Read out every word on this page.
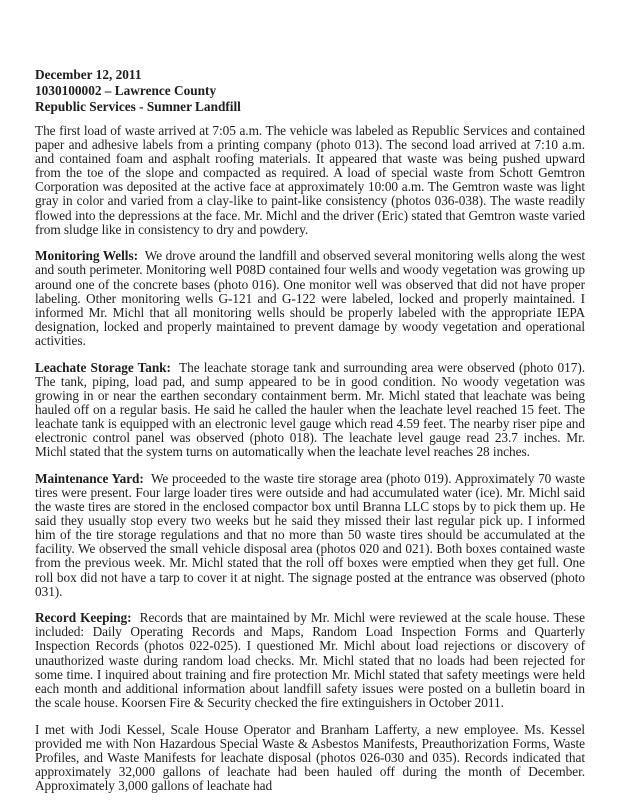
December 12, 2011

1030100002 – Lawrence County

Republic Services - Sumner Landfill

The first load of waste arrived at 7:05 a.m. The vehicle was labeled as Republic Services and contained paper and adhesive labels from a printing company (photo 013). The second load arrived at 7:10 a.m. and contained foam and asphalt roofing materials. It appeared that waste was being pushed upward from the toe of the slope and compacted as required. A load of special waste from Schott Gemtron Corporation was deposited at the active face at approximately 10:00 a.m. The Gemtron waste was light gray in color and varied from a clay-like to paint-like consistency (photos 036-038). The waste readily flowed into the depressions at the face. Mr. Michl and the driver (Eric) stated that Gemtron waste varied from sludge like in consistency to dry and powdery.

Monitoring Wells: We drove around the landfill and observed several monitoring wells along the west and south perimeter. Monitoring well P08D contained four wells and woody vegetation was growing up around one of the concrete bases (photo 016). One monitor well was observed that did not have proper labeling. Other monitoring wells G-121 and G-122 were labeled, locked and properly maintained. I informed Mr. Michl that all monitoring wells should be properly labeled with the appropriate IEPA designation, locked and properly maintained to prevent damage by woody vegetation and operational activities.

Leachate Storage Tank: The leachate storage tank and surrounding area were observed (photo 017). The tank, piping, load pad, and sump appeared to be in good condition. No woody vegetation was growing in or near the earthen secondary containment berm. Mr. Michl stated that leachate was being hauled off on a regular basis. He said he called the hauler when the leachate level reached 15 feet. The leachate tank is equipped with an electronic level gauge which read 4.59 feet. The nearby riser pipe and electronic control panel was observed (photo 018). The leachate level gauge read 23.7 inches. Mr. Michl stated that the system turns on automatically when the leachate level reaches 28 inches.

Maintenance Yard: We proceeded to the waste tire storage area (photo 019). Approximately 70 waste tires were present. Four large loader tires were outside and had accumulated water (ice). Mr. Michl said the waste tires are stored in the enclosed compactor box until Branna LLC stops by to pick them up. He said they usually stop every two weeks but he said they missed their last regular pick up. I informed him of the tire storage regulations and that no more than 50 waste tires should be accumulated at the facility. We observed the small vehicle disposal area (photos 020 and 021). Both boxes contained waste from the previous week. Mr. Michl stated that the roll off boxes were emptied when they get full. One roll box did not have a tarp to cover it at night. The signage posted at the entrance was observed (photo 031).

Record Keeping: Records that are maintained by Mr. Michl were reviewed at the scale house. These included: Daily Operating Records and Maps, Random Load Inspection Forms and Quarterly Inspection Records (photos 022-025). I questioned Mr. Michl about load rejections or discovery of unauthorized waste during random load checks. Mr. Michl stated that no loads had been rejected for some time. I inquired about training and fire protection Mr. Michl stated that safety meetings were held each month and additional information about landfill safety issues were posted on a bulletin board in the scale house. Koorsen Fire & Security checked the fire extinguishers in October 2011.

I met with Jodi Kessel, Scale House Operator and Branham Lafferty, a new employee. Ms. Kessel provided me with Non Hazardous Special Waste & Asbestos Manifests, Preauthorization Forms, Waste Profiles, and Waste Manifests for leachate disposal (photos 026-030 and 035). Records indicated that approximately 32,000 gallons of leachate had been hauled off during the month of December. Approximately 3,000 gallons of leachate had
